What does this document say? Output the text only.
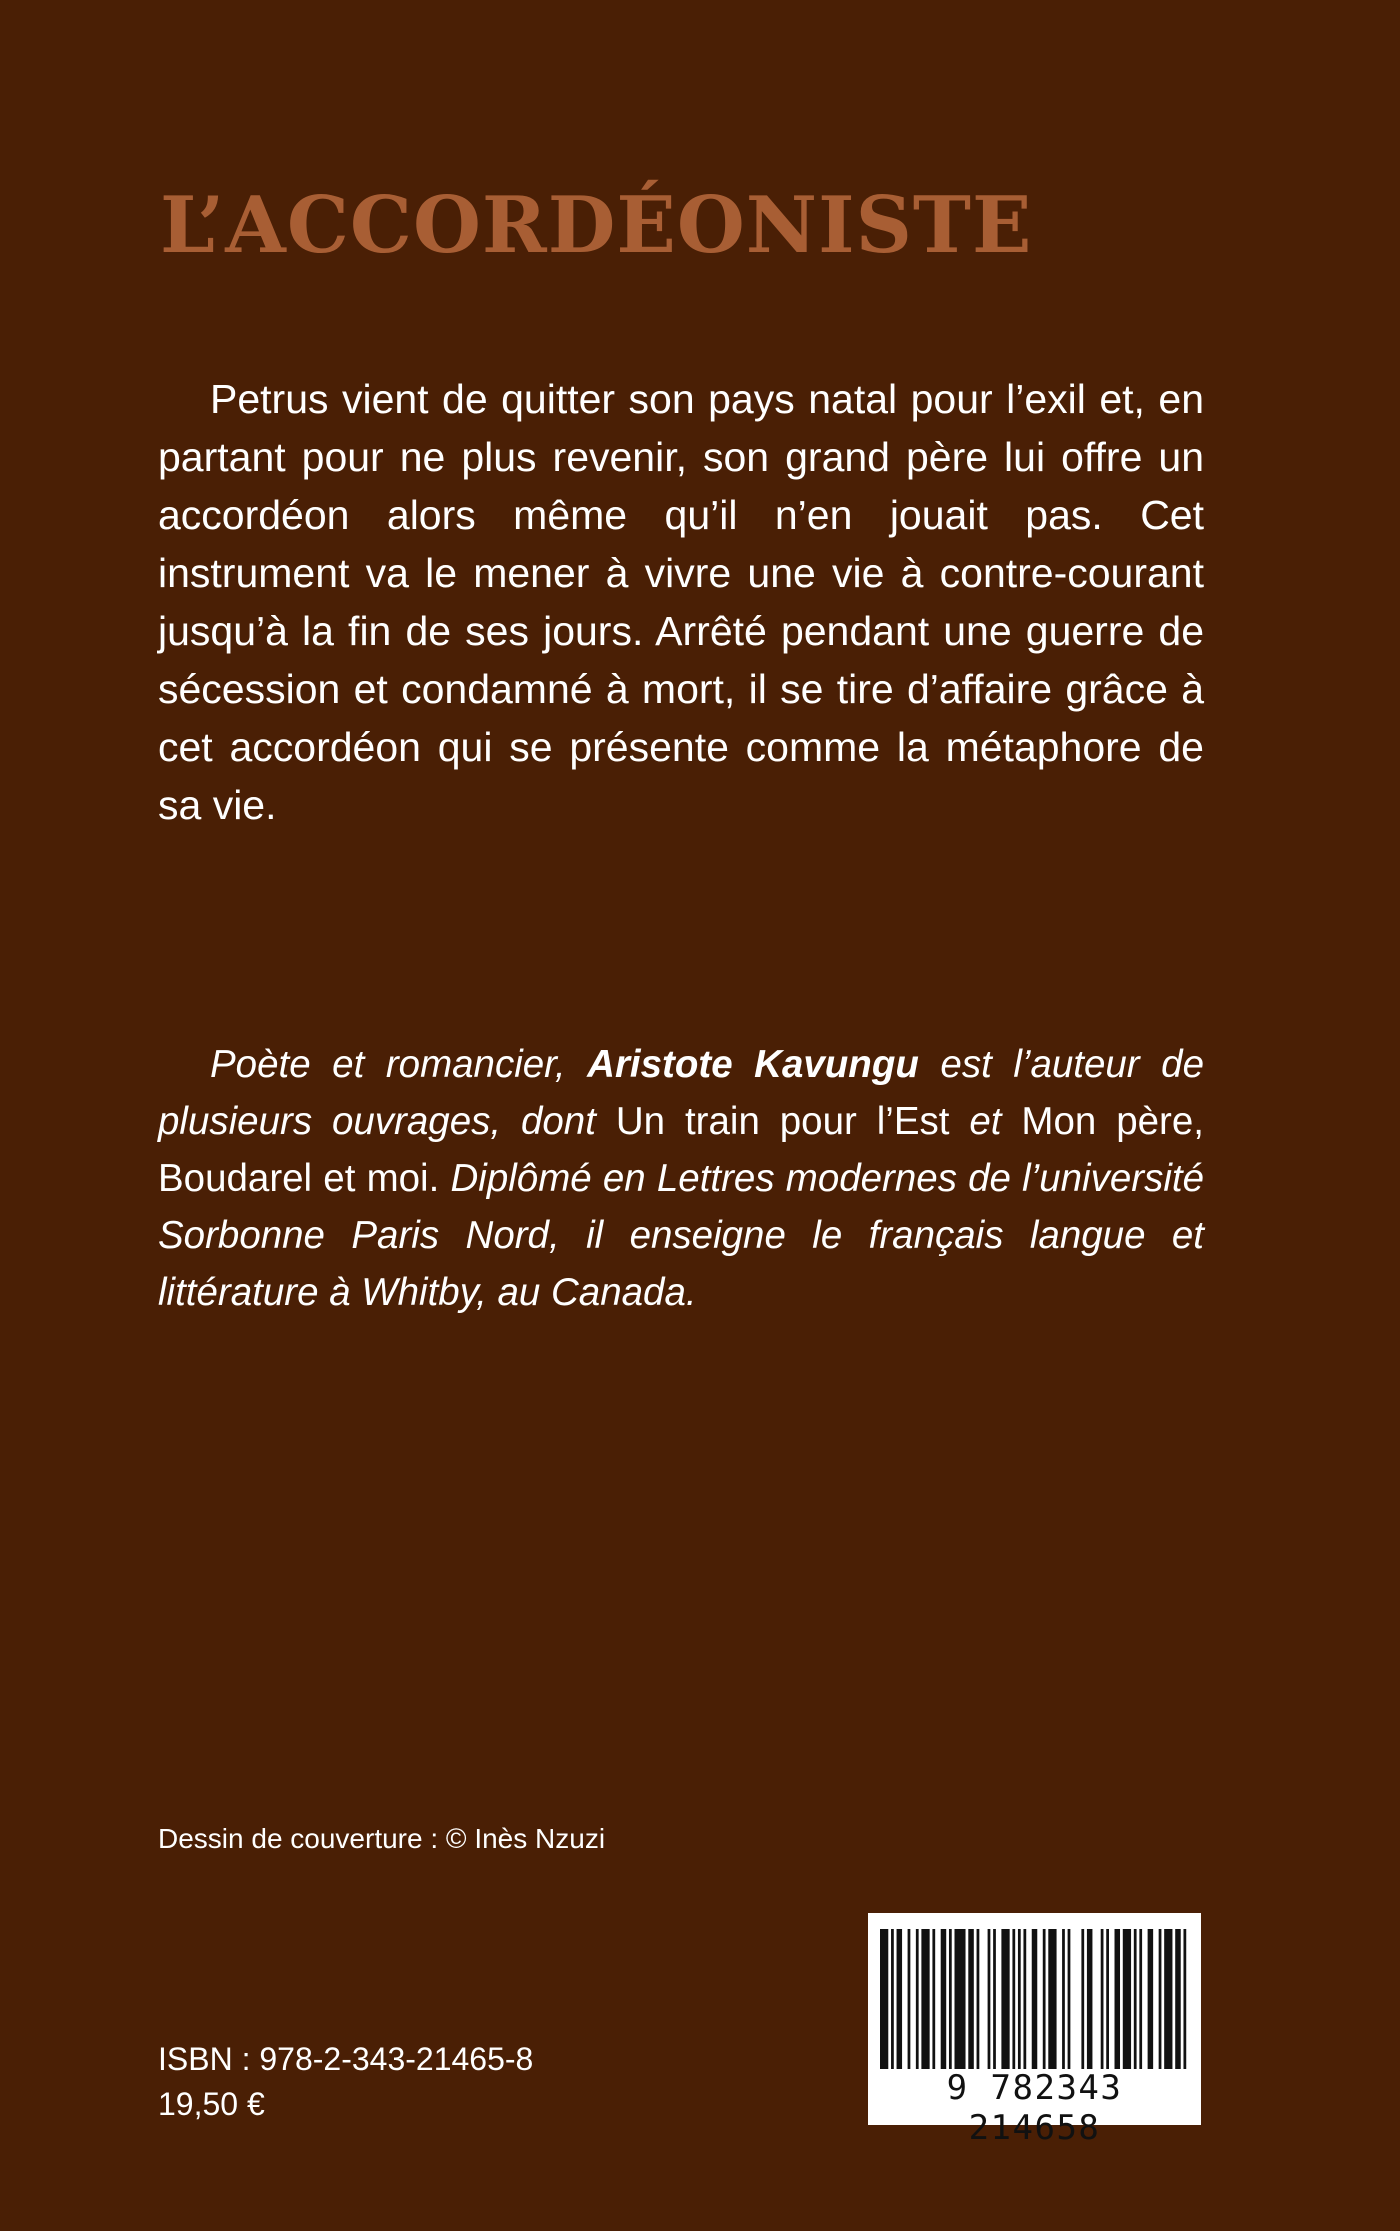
L’ACCORDÉONISTE

Petrus vient de quitter son pays natal pour l’exil et, en partant pour ne plus revenir, son grand père lui offre un accordéon alors même qu’il n’en jouait pas. Cet instrument va le mener à vivre une vie à contre-courant jusqu’à la fin de ses jours. Arrêté pendant une guerre de sécession et condamné à mort, il se tire d’affaire grâce à cet accordéon qui se présente comme la métaphore de sa vie.

Poète et romancier, Aristote Kavungu est l’auteur de plusieurs ouvrages, dont Un train pour l’Est et Mon père, Boudarel et moi. Diplômé en Lettres modernes de l’université Sorbonne Paris Nord, il enseigne le français langue et littérature à Whitby, au Canada.

Dessin de couverture : © Inès Nzuzi

9 782343 214658

ISBN : 978-2-343-21465-8

19,50 €
